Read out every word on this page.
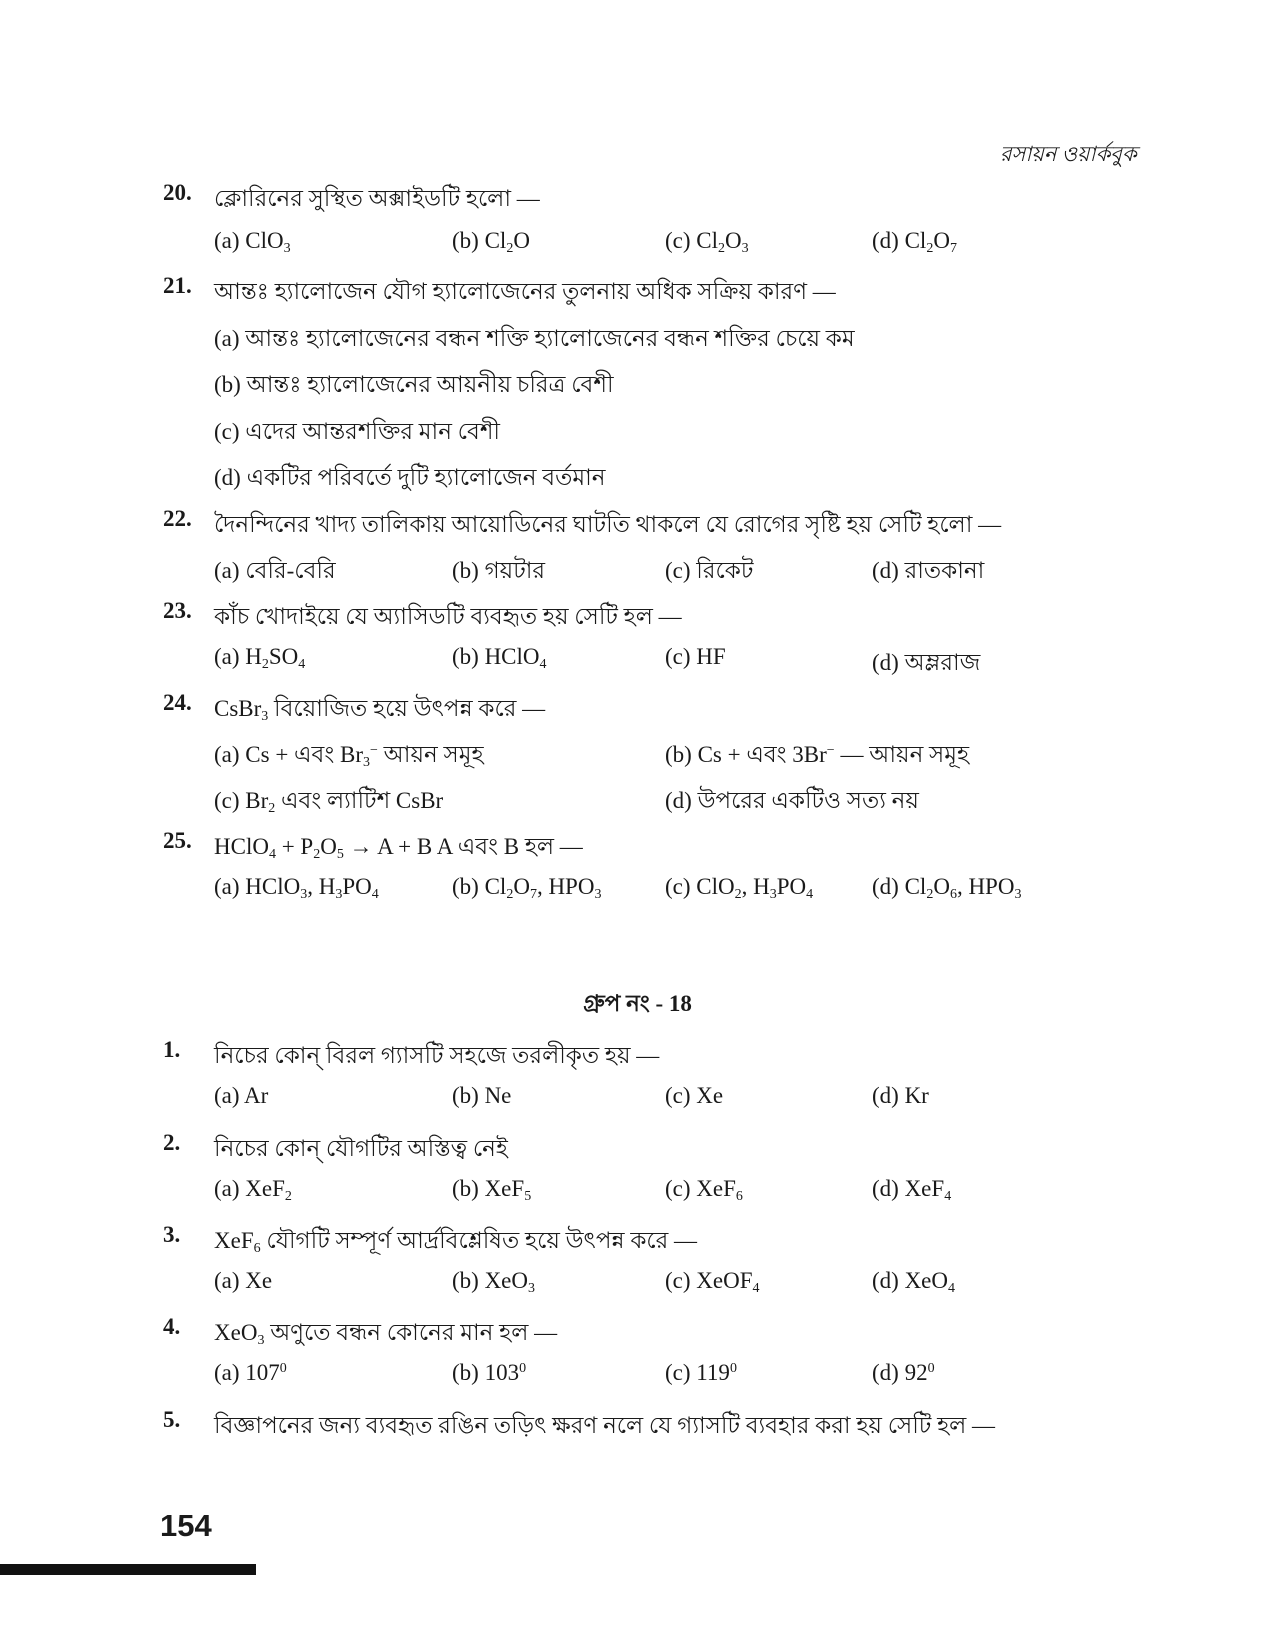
রসায়ন ওয়ার্কবুক
20. ক্লোরিনের সুস্থিত অক্সাইডটি হলো —
(a) ClO$_3$	(b) $Cl_2O$	(c) $Cl_2O_3$	(d) $Cl_2O_7$
21. আন্তঃ হ্যালোজেন যৌগ হ্যালোজেনের তুলনায় অধিক সক্রিয় কারণ —
(a) আন্তঃ হ্যালোজেনের বন্ধন শক্তি হ্যালোজেনের বন্ধন শক্তির চেয়ে কম
(b) আন্তঃ হ্যালোজেনের আয়নীয় চরিত্র বেশী
(c) এদের আন্তরশক্তির মান বেশী
(d) একটির পরিবর্তে দুটি হ্যালোজেন বর্তমান
22. দৈনন্দিনের খাদ্য তালিকায় আয়োডিনের ঘাটতি থাকলে যে রোগের সৃষ্টি হয় সেটি হলো —
(a) বেরি-বেরি	(b) গয়টার	(c) রিকেট	(d) রাতকানা
23. কাঁচ খোদাইয়ে যে অ্যাসিডটি ব্যবহৃত হয় সেটি হল —
(a) $H_2SO_4$	(b) HClO$_4$	(c) HF	(d) অম্লরাজ
24. CsBr$_3$ বিয়োজিত হয়ে উৎপন্ন করে —
(a) Cs + এবং $Br_3^-$ আয়ন সমূহ	(b) Cs + এবং 3Br− — আয়ন সমূহ
(c) $Br_2$ এবং ল্যাটিশ CsBr	(d) উপরের একটিও সত্য নয়
25. HClO$_4$ + $P_2O_5 \to A + B$ A এবং B হল —
(a) HClO$_3$, $H_3PO_4$	(b) $Cl_2O_7$, $HPO_3$	(c) ClO$_2$, $H_3PO_4$	(d) $Cl_2O_6$, $HPO_3$
1. নিচের কোন্ বিরল গ্যাসটি সহজে তরলীকৃত হয় —
(a) Ar	(b) Ne	(c) Xe	(d) Kr
2. নিচের কোন্ যৌগটির অস্তিত্ব নেই
(a) XeF$_2$	(b) XeF$_5$	(c) XeF$_6$	(d) XeF$_4$
3. XeF$_6$ যৌগটি সম্পূর্ণ আর্দ্রবিশ্লেষিত হয়ে উৎপন্ন করে —
(a) Xe	(b) XeO$_3$	(c) XeOF$_4$	(d) XeO$_4$
4. XeO$_3$ অণুতে বন্ধন কোনের মান হল —
(a) $107^0$	(b) $103^0$	(c) $119^0$	(d) $92^0$
5. বিজ্ঞাপনের জন্য ব্যবহৃত রঙিন তড়িৎ ক্ষরণ নলে যে গ্যাসটি ব্যবহার করা হয় সেটি হল —
গ্রুপ নং - 18
154
